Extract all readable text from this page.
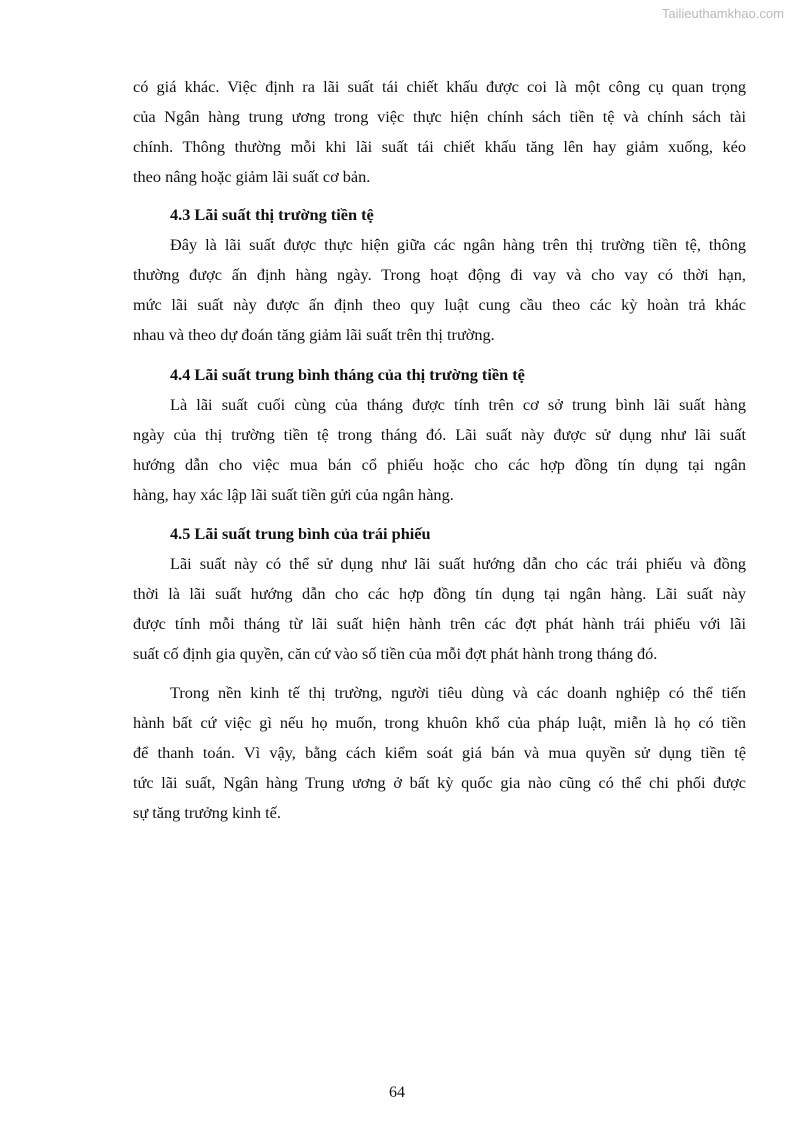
Tailieuthamkhao.com
có giá khác. Việc định ra lãi suất tái chiết khấu được coi là một công cụ quan trọng
của Ngân hàng trung ương trong việc thực hiện chính sách tiền tệ và chính sách tài
chính. Thông thường mỗi khi lãi suất tái chiết khấu tăng lên hay giảm xuống, kéo
theo nâng hoặc giảm lãi suất cơ bản.
4.3 Lãi suất thị trường tiền tệ
Đây là lãi suất được thực hiện giữa các ngân hàng trên thị trường tiền tệ, thông
thường được ấn định hàng ngày. Trong hoạt động đi vay và cho vay có thời hạn,
mức lãi suất này được ấn định theo quy luật cung cầu theo các kỳ hoàn trả khác
nhau và theo dự đoán tăng giảm lãi suất trên thị trường.
4.4 Lãi suất trung bình tháng của thị trường tiền tệ
Là lãi suất cuối cùng của tháng được tính trên cơ sở trung bình lãi suất hàng
ngày của thị trường tiền tệ trong tháng đó. Lãi suất này được sử dụng như lãi suất
hướng dẫn cho việc mua bán cổ phiếu hoặc cho các hợp đồng tín dụng tại ngân
hàng, hay xác lập lãi suất tiền gửi của ngân hàng.
4.5 Lãi suất trung bình của trái phiếu
Lãi suất này có thể sử dụng như lãi suất hướng dẫn cho các trái phiếu và đồng
thời là lãi suất hướng dẫn cho các hợp đồng tín dụng tại ngân hàng. Lãi suất này
được tính mỗi tháng từ lãi suất hiện hành trên các đợt phát hành trái phiếu với lãi
suất cố định gia quyền, căn cứ vào số tiền của mỗi đợt phát hành trong tháng đó.
Trong nền kinh tế thị trường, người tiêu dùng và các doanh nghiệp có thể tiến
hành bất cứ việc gì nếu họ muốn, trong khuôn khổ của pháp luật, miễn là họ có tiền
để thanh toán. Vì vậy, bằng cách kiểm soát giá bán và mua quyền sử dụng tiền tệ
tức lãi suất, Ngân hàng Trung ương ở bất kỳ quốc gia nào cũng có thể chi phối được
sự tăng trưởng kinh tế.
64
